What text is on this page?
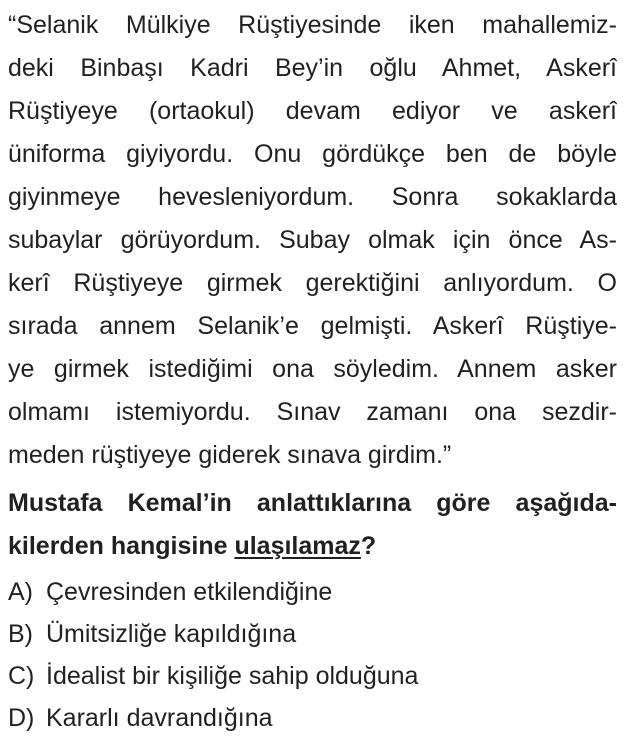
“Selanik Mülkiye Rüştiyesinde iken mahallemiz-
deki Binbaşı Kadri Bey’in oğlu Ahmet, Askerî
Rüştiyeye (ortaokul) devam ediyor ve askerî
üniforma giyiyordu. Onu gördükçe ben de böyle
giyinmeye hevesleniyordum. Sonra sokaklarda
subaylar görüyordum. Subay olmak için önce As-
kerî Rüştiyeye girmek gerektiğini anlıyordum. O
sırada annem Selanik’e gelmişti. Askerî Rüştiye-
ye girmek istediğimi ona söyledim. Annem asker
olmamı istemiyordu. Sınav zamanı ona sezdir-
meden rüştiyeye giderek sınava girdim.”
Mustafa Kemal’in anlattıklarına göre aşağıda-
kilerden hangisine ulaşılamaz?
A) Çevresinden etkilendiğine
B) Ümitsizliğe kapıldığına
C) İdealist bir kişiliğe sahip olduğuna
D) Kararlı davrandığına
